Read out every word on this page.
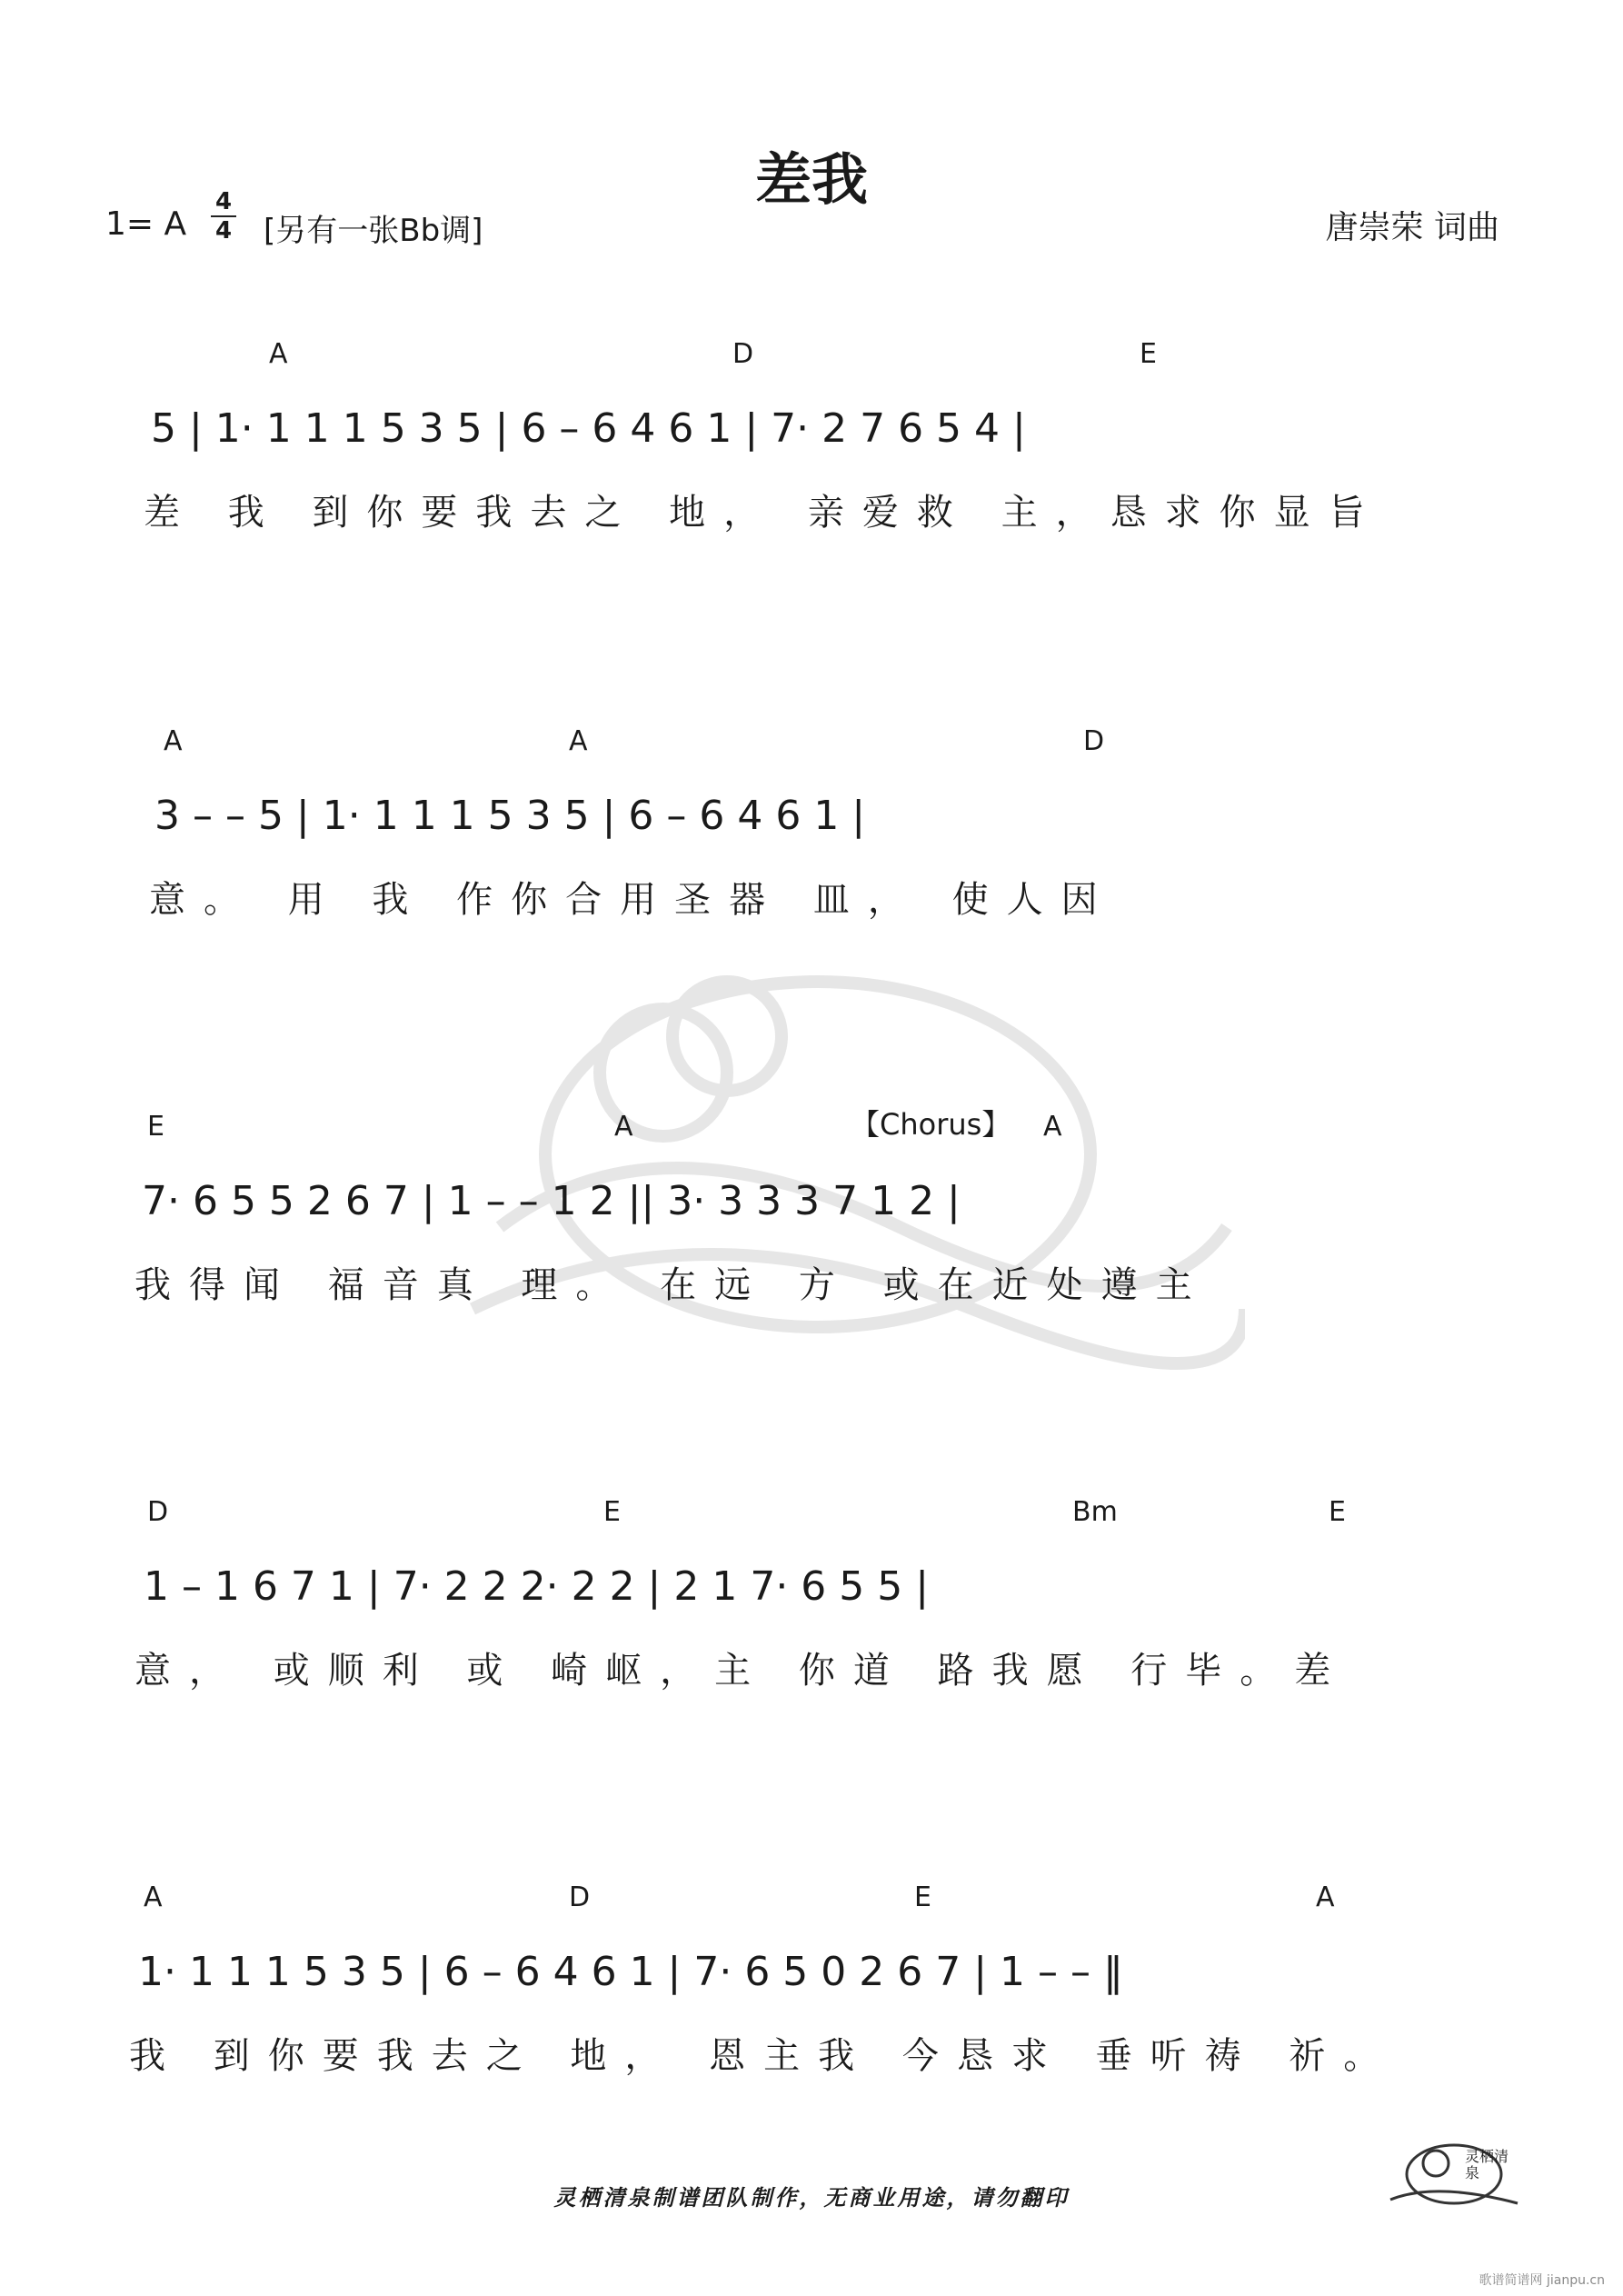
差我
1= A
4
4 [另有一张Bb调]	唐崇荣 词曲
A	D	E
5 | 1· 1 1 1 5 3 5 | 6 – 6 4 6 1 | 7· 2 7 6 5 4 |
差 我 到你要我去之 地， 亲爱救 主，恳求你显旨
A	A	D
3 – – 5 | 1· 1 1 1 5 3 5 | 6 – 6 4 6 1 |
意。 用 我 作你合用圣器 皿， 使人因
E	A	A
【Chorus】
7· 6 5 5 2 6 7 | 1 – – 1 2 || 3· 3 3 3 7 1 2 |
我得闻 福音真 理。 在远 方 或在近处遵主
D	E	Bm	E
1 – 1 6 7 1 | 7· 2 2 2· 2 2 | 2 1 7· 6 5 5 |
意， 或顺利 或 崎岖，主 你道 路我愿 行毕。差
A	D	E	A
1· 1 1 1 5 3 5 | 6 – 6 4 6 1 | 7· 6 5 0 2 6 7 | 1 – – ‖
我 到你要我去之 地， 恩主我 今恳求 垂听祷 祈。
灵栖清泉制谱团队制作，无商业用途，请勿翻印
灵栖清泉
歌谱简谱网 jianpu.cn
